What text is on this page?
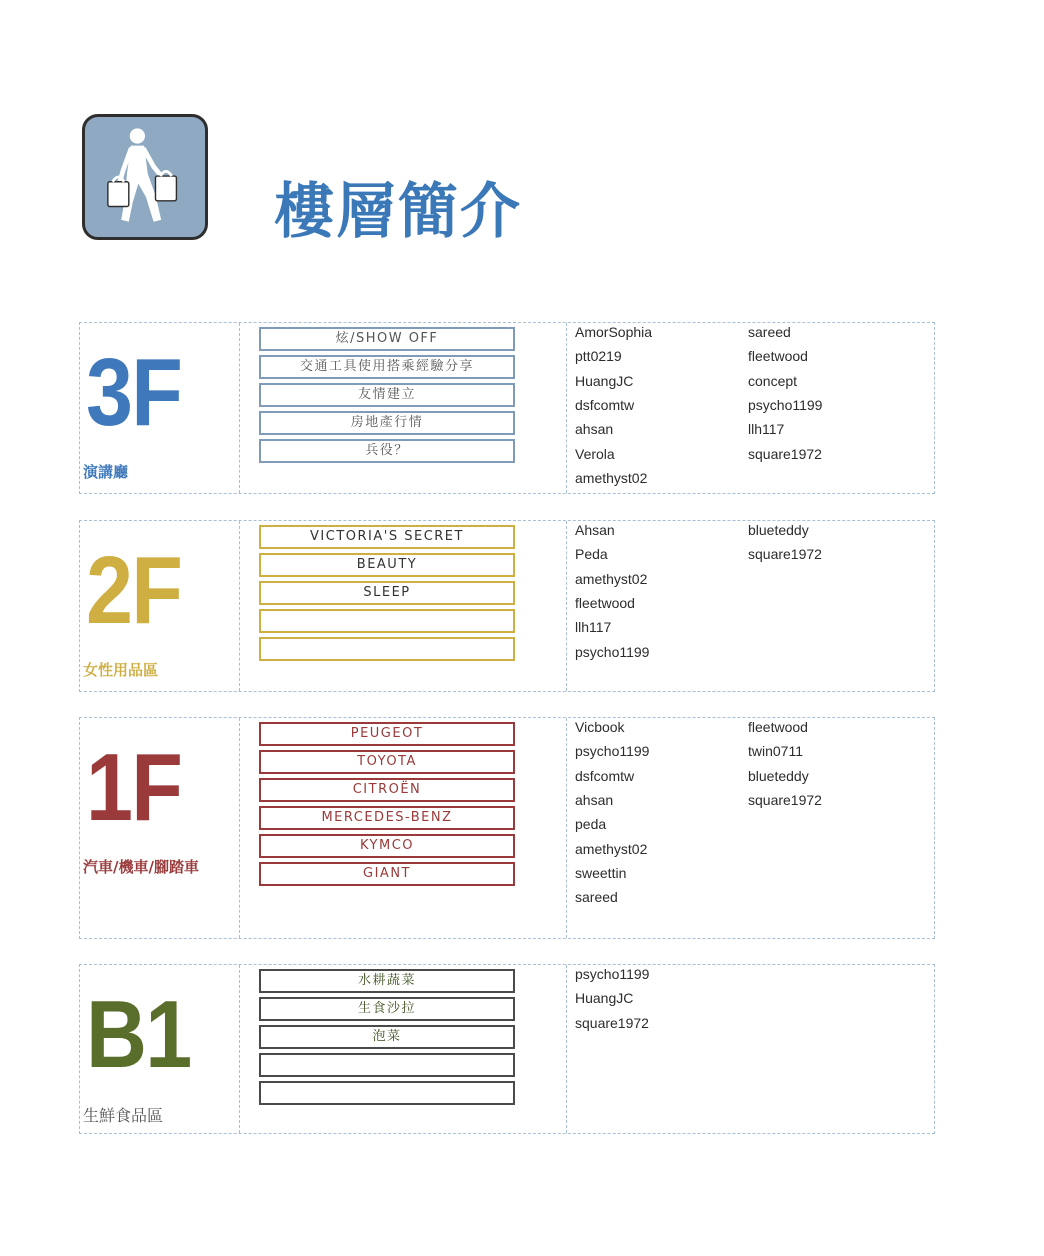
樓層簡介
3F
演講廳
炫/SHOW OFF
交通工具使用搭乘經驗分享
友情建立
房地產行情
兵役？
AmorSophia
ptt0219
HuangJC
dsfcomtw
ahsan
Verola
amethyst02
sareed
fleetwood
concept
psycho1199
llh117
square1972
2F
女性用品區
VICTORIA'S SECRET
BEAUTY
SLEEP
Ahsan
Peda
amethyst02
fleetwood
llh117
psycho1199
blueteddy
square1972
1F
汽車/機車/腳踏車
PEUGEOT
TOYOTA
CITROËN
MERCEDES-BENZ
KYMCO
GIANT
Vicbook
psycho1199
dsfcomtw
ahsan
peda
amethyst02
sweettin
sareed
fleetwood
twin0711
blueteddy
square1972
B1
生鮮食品區
水耕蔬菜
生食沙拉
泡菜
psycho1199
HuangJC
square1972
